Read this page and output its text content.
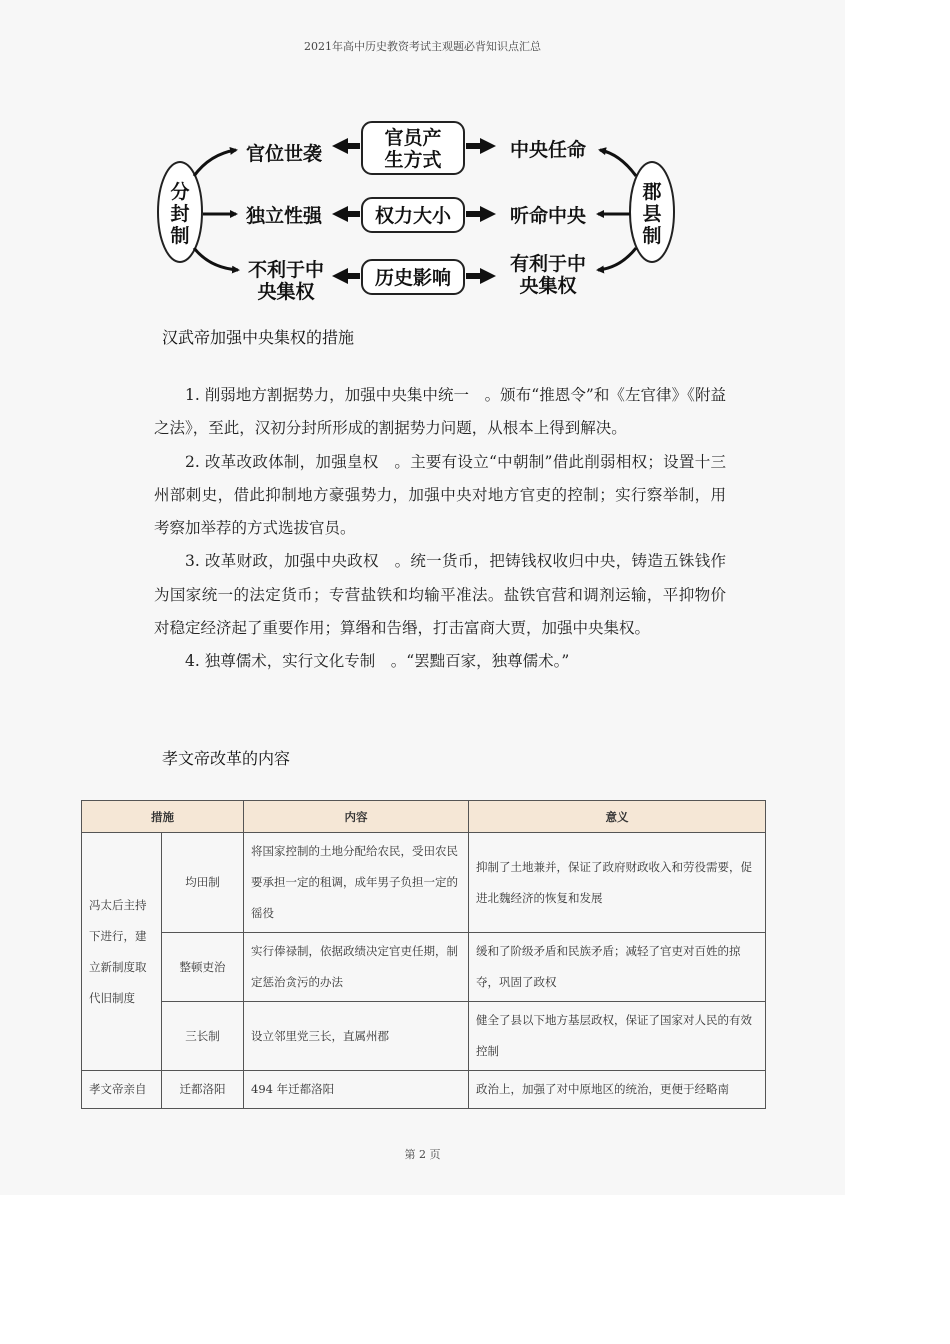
2021年高中历史教资考试主观题必背知识点汇总
分
封
制
郡
县
制
官员产
生方式
权力大小
历史影响
官位世袭
独立性强
不利于中
央集权
中央任命
听命中央
有利于中
央集权
汉武帝加强中央集权的措施

1. 削弱地方割据势力，加强中央集中统一　。颁布“推恩令”和《左官律》《附益之法》，至此，汉初分封所形成的割据势力问题，从根本上得到解决。

2. 改革改政体制，加强皇权　。主要有设立“中朝制”借此削弱相权；设置十三州部刺史，借此抑制地方豪强势力，加强中央对地方官吏的控制；实行察举制，用考察加举荐的方式选拔官员。

3. 改革财政，加强中央政权　。统一货币，把铸钱权收归中央，铸造五铢钱作为国家统一的法定货币；专营盐铁和均输平准法。盐铁官营和调剂运输，平抑物价对稳定经济起了重要作用；算缗和告缗，打击富商大贾，加强中央集权。

4. 独尊儒术，实行文化专制　。“罢黜百家，独尊儒术。”

孝文帝改革的内容
措施		内容	意义
冯太后主持下进行，建立新制度取代旧制度	均田制	将国家控制的土地分配给农民，受田农民要承担一定的租调，成年男子负担一定的徭役	抑制了土地兼并，保证了政府财政收入和劳役需要，促进北魏经济的恢复和发展
	整顿吏治	实行俸禄制，依据政绩决定官吏任期，制定惩治贪污的办法	缓和了阶级矛盾和民族矛盾；减轻了官吏对百姓的掠夺，巩固了政权
	三长制	设立邻里党三长，直属州郡	健全了县以下地方基层政权，保证了国家对人民的有效控制
孝文帝亲自	迁都洛阳	494 年迁都洛阳	政治上，加强了对中原地区的统治，更便于经略南
第 2 页
